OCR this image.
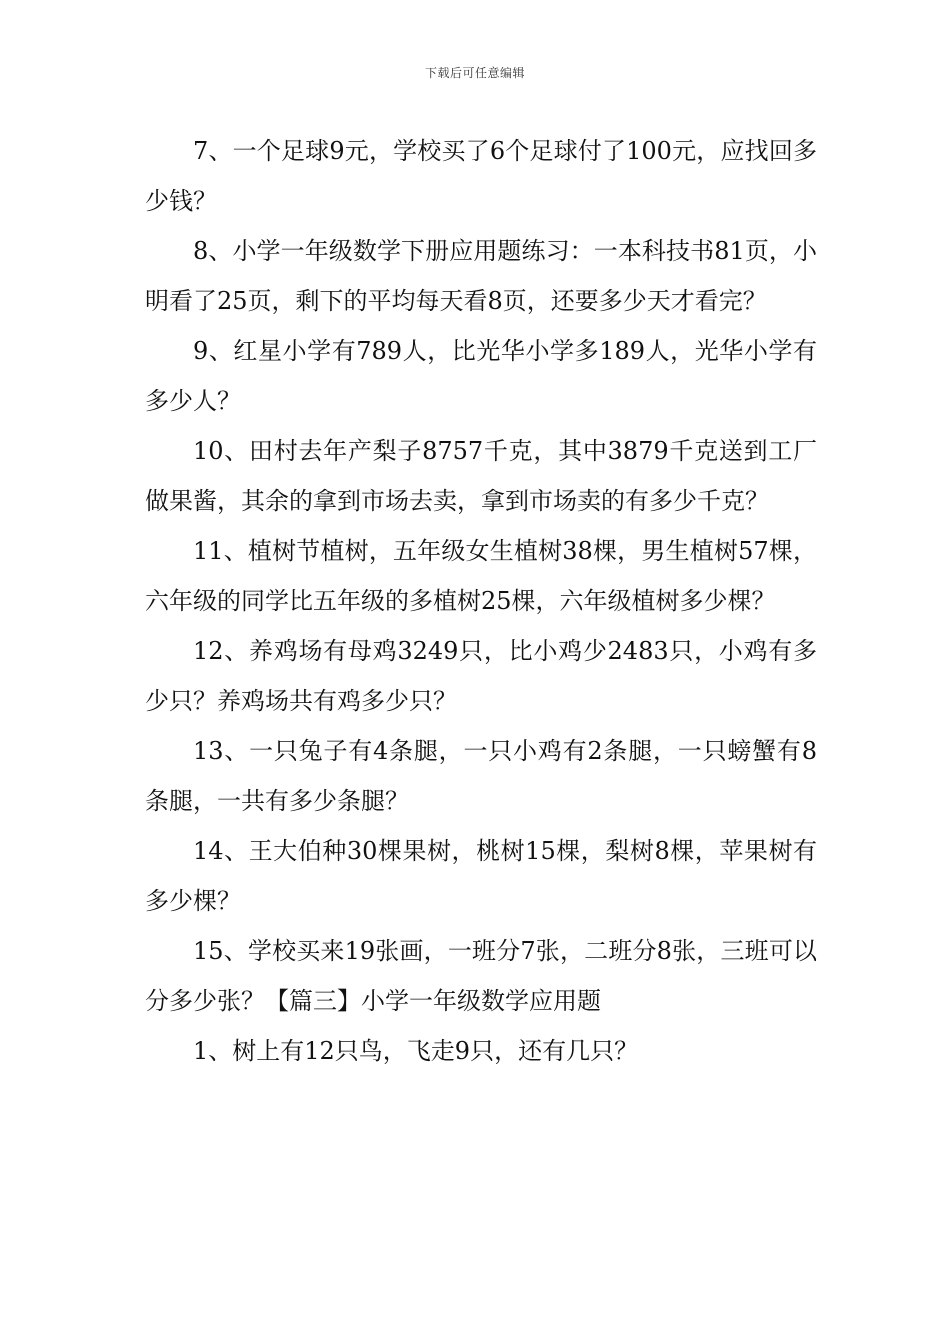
下载后可任意编辑

7、一个足球9元，学校买了6个足球付了100元，应找回多少钱？

8、小学一年级数学下册应用题练习：一本科技书81页，小明看了25页，剩下的平均每天看8页，还要多少天才看完？

9、红星小学有789人，比光华小学多189人，光华小学有多少人？

10、田村去年产梨子8757千克，其中3879千克送到工厂做果酱，其余的拿到市场去卖，拿到市场卖的有多少千克？

11、植树节植树，五年级女生植树38棵，男生植树57棵，六年级的同学比五年级的多植树25棵，六年级植树多少棵？

12、养鸡场有母鸡3249只，比小鸡少2483只，小鸡有多少只？养鸡场共有鸡多少只？

13、一只兔子有4条腿，一只小鸡有2条腿，一只螃蟹有8条腿，一共有多少条腿？

14、王大伯种30棵果树，桃树15棵，梨树8棵，苹果树有多少棵？

15、学校买来19张画，一班分7张，二班分8张，三班可以分多少张？【篇三】小学一年级数学应用题

1、树上有12只鸟，飞走9只，还有几只？
